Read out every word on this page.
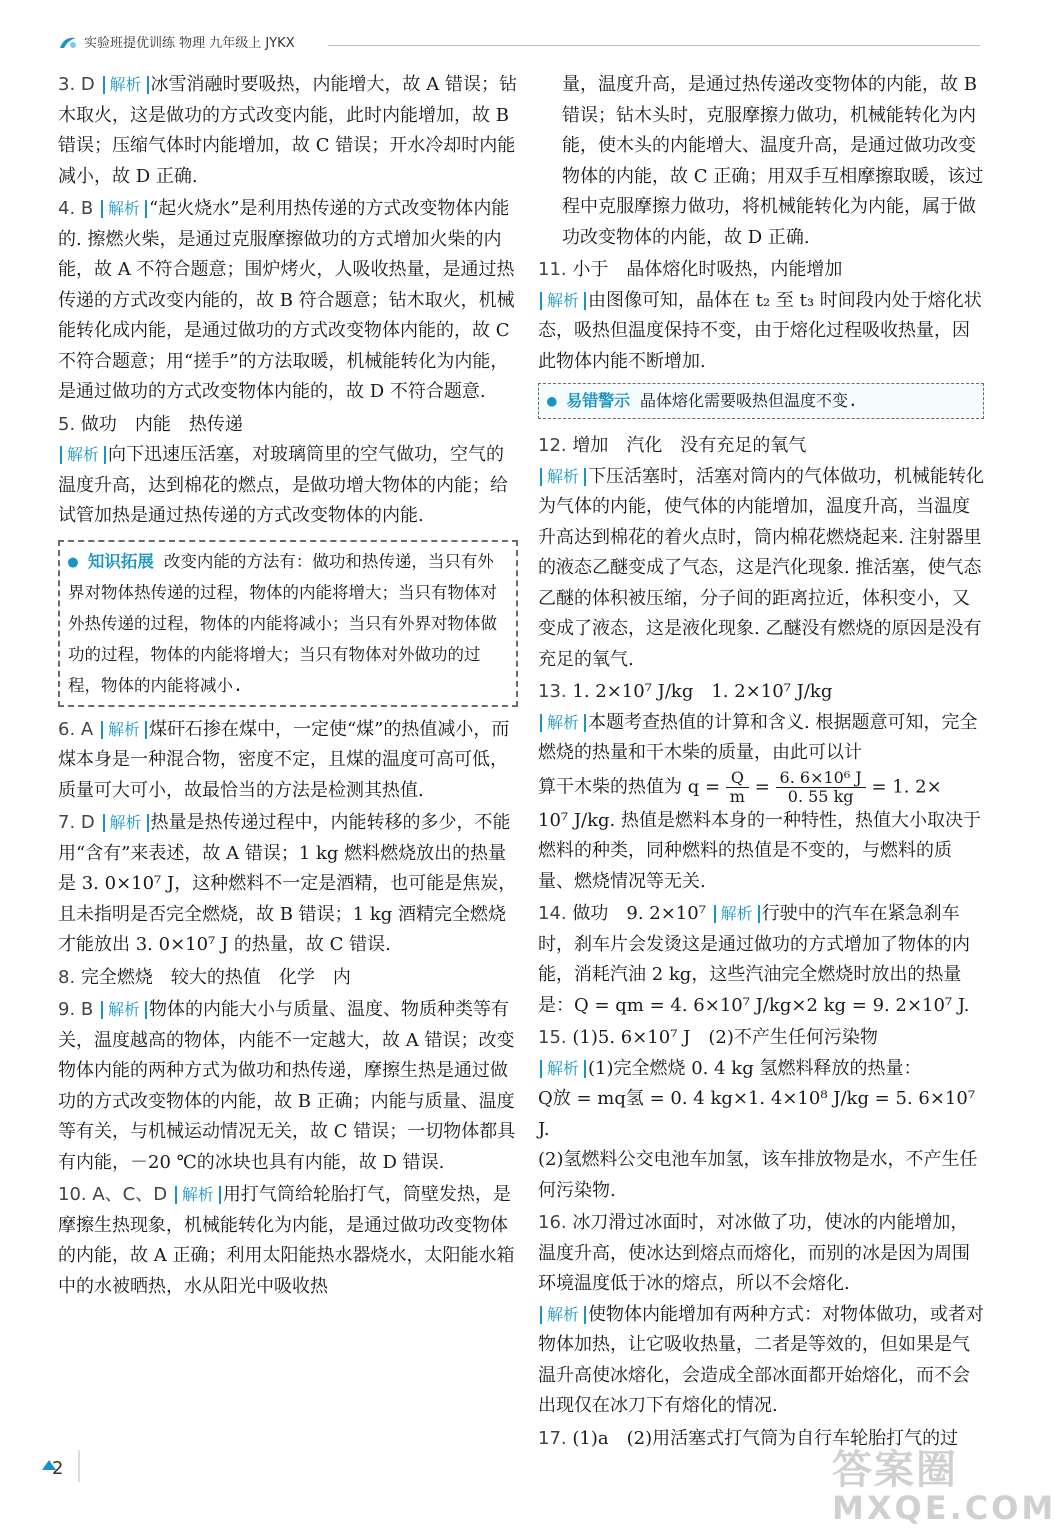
实验班提优训练 物理 九年级上 JYKX
3. D 解析 冰雪消融时要吸热，内能增大，故 A 错误；钻木取火，这是做功的方式改变内能，此时内能增加，故 B 错误；压缩气体时内能增加，故 C 错误；开水冷却时内能减小，故 D 正确.
4. B 解析 “起火烧水”是利用热传递的方式改变物体内能的. 擦燃火柴，是通过克服摩擦做功的方式增加火柴的内能，故 A 不符合题意；围炉烤火，人吸收热量，是通过热传递的方式改变内能的，故 B 符合题意；钻木取火，机械能转化成内能，是通过做功的方式改变物体内能的，故 C 不符合题意；用“搓手”的方法取暖，机械能转化为内能，是通过做功的方式改变物体内能的，故 D 不符合题意.
5. 做功　内能　热传递
解析 向下迅速压活塞，对玻璃筒里的空气做功，空气的温度升高，达到棉花的燃点，是做功增大物体的内能；给试管加热是通过热传递的方式改变物体的内能.
● 知识拓展 改变内能的方法有：做功和热传递，当只有外界对物体热传递的过程，物体的内能将增大；当只有物体对外热传递的过程，物体的内能将减小；当只有外界对物体做功的过程，物体的内能将增大；当只有物体对外做功的过程，物体的内能将减小.
6. A 解析 煤矸石掺在煤中，一定使“煤”的热值减小，而煤本身是一种混合物，密度不定，且煤的温度可高可低，质量可大可小，故最恰当的方法是检测其热值.
7. D 解析 热量是热传递过程中，内能转移的多少，不能用“含有”来表述，故 A 错误；1 kg 燃料燃烧放出的热量是 3. 0×10⁷ J，这种燃料不一定是酒精，也可能是焦炭，且未指明是否完全燃烧，故 B 错误；1 kg 酒精完全燃烧才能放出 3. 0×10⁷ J 的热量，故 C 错误.
8. 完全燃烧　较大的热值　化学　内
9. B 解析 物体的内能大小与质量、温度、物质种类等有关，温度越高的物体，内能不一定越大，故 A 错误；改变物体内能的两种方式为做功和热传递，摩擦生热是通过做功的方式改变物体的内能，故 B 正确；内能与质量、温度等有关，与机械运动情况无关，故 C 错误；一切物体都具有内能，－20 ℃的冰块也具有内能，故 D 错误.
10. A、C、D 解析 用打气筒给轮胎打气，筒壁发热，是摩擦生热现象，机械能转化为内能，是通过做功改变物体的内能，故 A 正确；利用太阳能热水器烧水，太阳能水箱中的水被晒热，水从阳光中吸收热
量，温度升高，是通过热传递改变物体的内能，故 B 错误；钻木头时，克服摩擦力做功，机械能转化为内能，使木头的内能增大、温度升高，是通过做功改变物体的内能，故 C 正确；用双手互相摩擦取暖，该过程中克服摩擦力做功，将机械能转化为内能，属于做功改变物体的内能，故 D 正确.
11. 小于　晶体熔化时吸热，内能增加
解析 由图像可知，晶体在 t₂ 至 t₃ 时间段内处于熔化状态，吸热但温度保持不变，由于熔化过程吸收热量，因此物体内能不断增加.
● 易错警示 晶体熔化需要吸热但温度不变.
12. 增加　汽化　没有充足的氧气
解析 下压活塞时，活塞对筒内的气体做功，机械能转化为气体的内能，使气体的内能增加，温度升高，当温度升高达到棉花的着火点时，筒内棉花燃烧起来. 注射器里的液态乙醚变成了气态，这是汽化现象. 推活塞，使气态乙醚的体积被压缩，分子间的距离拉近，体积变小，又变成了液态，这是液化现象. 乙醚没有燃烧的原因是没有充足的氧气.
13. 1. 2×10⁷ J/kg　1. 2×10⁷ J/kg
解析 本题考查热值的计算和含义. 根据题意可知，完全燃烧的热量和干木柴的质量，由此可以计
算干木柴的热值为 $q = \frac{Q}{m} = \frac{\text{6. 6×10⁶ J}}{0. 55 kg} = 1$. 2×
10⁷ J/kg. 热值是燃料本身的一种特性，热值大小取决于燃料的种类，同种燃料的热值是不变的，与燃料的质量、燃烧情况等无关.
14. 做功　9. 2×10⁷ 解析 行驶中的汽车在紧急刹车时，刹车片会发烫这是通过做功的方式增加了物体的内能，消耗汽油 2 kg，这些汽油完全燃烧时放出的热量是：Q = qm = 4. 6×10⁷ J/kg×2 kg = 9. 2×10⁷ J.
15. (1)5. 6×10⁷ J　(2)不产生任何污染物
解析 (1)完全燃烧 0. 4 kg 氢燃料释放的热量：
Q放 = mq氢 = 0. 4 kg×1. 4×10⁸ J/kg = 5. 6×10⁷ J.
(2)氢燃料公交电池车加氢，该车排放物是水，不产生任何污染物.
16. 冰刀滑过冰面时，对冰做了功，使冰的内能增加，温度升高，使冰达到熔点而熔化，而别的冰是因为周围环境温度低于冰的熔点，所以不会熔化.
解析 使物体内能增加有两种方式：对物体做功，或者对物体加热，让它吸收热量，二者是等效的，但如果是气温升高使冰熔化，会造成全部冰面都开始熔化，而不会出现仅在冰刀下有熔化的情况.
17. (1)a　(2)用活塞式打气筒为自行车轮胎打气的过
2	答案圈
MXQE.COM
